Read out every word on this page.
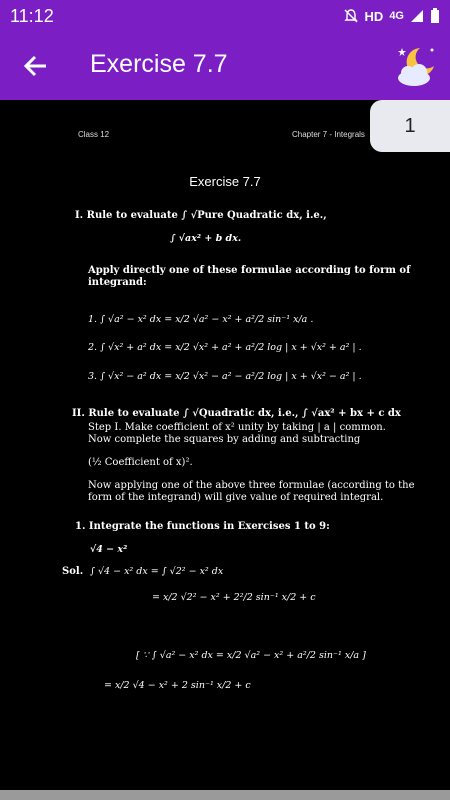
11:12	HD 4G
Exercise 7.7
Class 12	Chapter 7 - Integrals
Exercise 7.7
I. Rule to evaluate ∫ √Pure Quadratic dx, i.e.,
∫ √ax² + b dx.
Apply directly one of these formulae according to form of
integrand:
1. ∫ √a² − x² dx = x/2 √a² − x² + a²/2 sin⁻¹ x/a .
2. ∫ √x² + a² dx = x/2 √x² + a² + a²/2 log | x + √x² + a² | .
3. ∫ √x² − a² dx = x/2 √x² − a² − a²/2 log | x + √x² − a² | .
II. Rule to evaluate ∫ √Quadratic dx, i.e., ∫ √ax² + bx + c dx
Step I. Make coefficient of x² unity by taking | a | common.
Now complete the squares by adding and subtracting
(½ Coefficient of x)².
Now applying one of the above three formulae (according to the
form of the integrand) will give value of required integral.
1. Integrate the functions in Exercises 1 to 9:
√4 − x²
Sol. ∫ √4 − x² dx = ∫ √2² − x² dx
= x/2 √2² − x² + 2²/2 sin⁻¹ x/2 + c
[ ∵ ∫ √a² − x² dx = x/2 √a² − x² + a²/2 sin⁻¹ x/a ]
= x/2 √4 − x² + 2 sin⁻¹ x/2 + c
1
